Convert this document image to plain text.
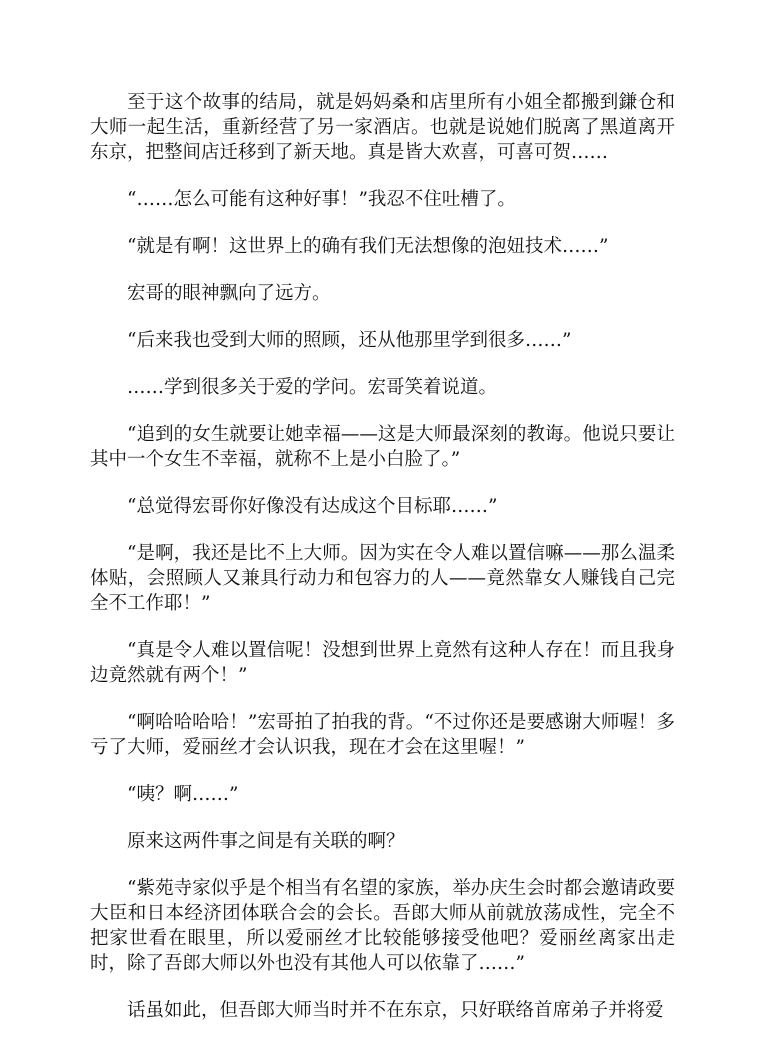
至于这个故事的结局，就是妈妈桑和店里所有小姐全都搬到鎌仓和大师一起生活，重新经营了另一家酒店。也就是说她们脱离了黑道离开东京，把整间店迁移到了新天地。真是皆大欢喜，可喜可贺……

“……怎么可能有这种好事！”我忍不住吐槽了。

“就是有啊！这世界上的确有我们无法想像的泡妞技术……”

宏哥的眼神飘向了远方。

“后来我也受到大师的照顾，还从他那里学到很多……”

……学到很多关于爱的学问。宏哥笑着说道。

“追到的女生就要让她幸福——这是大师最深刻的教诲。他说只要让其中一个女生不幸福，就称不上是小白脸了。”

“总觉得宏哥你好像没有达成这个目标耶……”

“是啊，我还是比不上大师。因为实在令人难以置信嘛——那么温柔体贴，会照顾人又兼具行动力和包容力的人——竟然靠女人赚钱自己完全不工作耶！”

“真是令人难以置信呢！没想到世界上竟然有这种人存在！而且我身边竟然就有两个！”

“啊哈哈哈哈！”宏哥拍了拍我的背。“不过你还是要感谢大师喔！多亏了大师，爱丽丝才会认识我，现在才会在这里喔！”

“咦？啊……”

原来这两件事之间是有关联的啊？

“紫苑寺家似乎是个相当有名望的家族，举办庆生会时都会邀请政要大臣和日本经济团体联合会的会长。吾郎大师从前就放荡成性，完全不把家世看在眼里，所以爱丽丝才比较能够接受他吧？爱丽丝离家出走时，除了吾郎大师以外也没有其他人可以依靠了……”

话虽如此，但吾郎大师当时并不在东京，只好联络首席弟子并将爱
